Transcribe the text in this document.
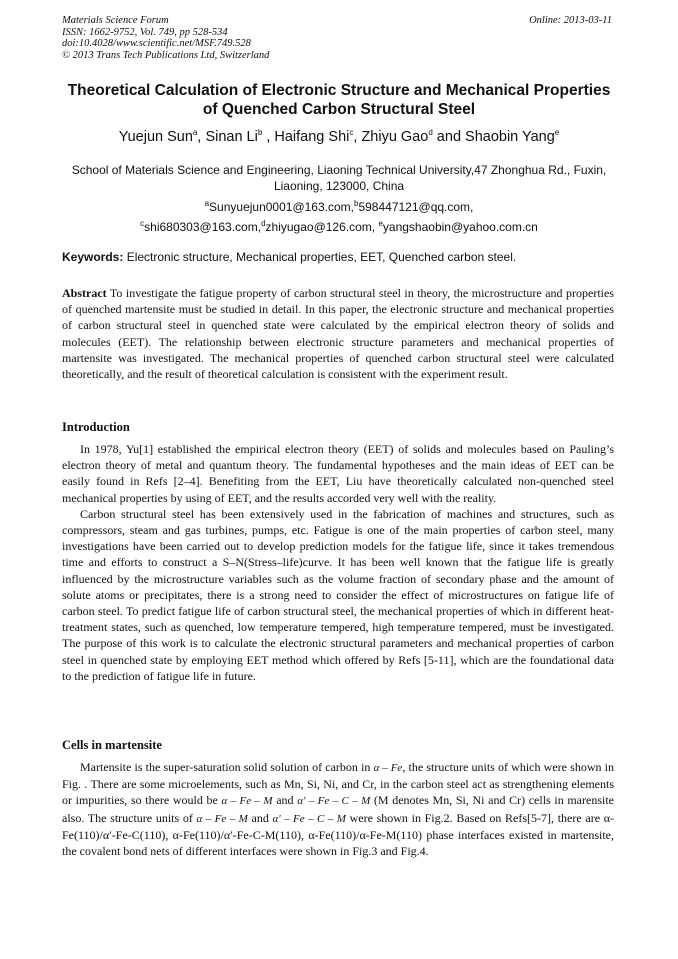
Materials Science Forum
ISSN: 1662-9752, Vol. 749, pp 528-534
doi:10.4028/www.scientific.net/MSF.749.528
© 2013 Trans Tech Publications Ltd, Switzerland
Online: 2013-03-11
Theoretical Calculation of Electronic Structure and Mechanical Properties of Quenched Carbon Structural Steel
Yuejun Sun$^a$, Sinan Li$^b$ , Haifang Shi$^c$, Zhiyu Gao$^d$ and Shaobin Yang$^e$
School of Materials Science and Engineering, Liaoning Technical University,47 Zhonghua Rd., Fuxin, Liaoning, 123000, China
$^a$Sunyuejun0001@163.com,$^b$598447121@qq.com,
$^c$shi680303@163.com,$^d$zhiyugao@126.com, $^e$yangshaobin@yahoo.com.cn
Keywords: Electronic structure, Mechanical properties, EET, Quenched carbon steel.
Abstract To investigate the fatigue property of carbon structural steel in theory, the microstructure and properties of quenched martensite must be studied in detail. In this paper, the electronic structure and mechanical properties of carbon structural steel in quenched state were calculated by the empirical electron theory of solids and molecules (EET). The relationship between electronic structure parameters and mechanical properties of martensite was investigated. The mechanical properties of quenched carbon structural steel were calculated theoretically, and the result of theoretical calculation is consistent with the experiment result.
Introduction

In 1978, Yu[1] established the empirical electron theory (EET) of solids and molecules based on Pauling’s electron theory of metal and quantum theory. The fundamental hypotheses and the main ideas of EET can be easily found in Refs [2–4]. Benefiting from the EET, Liu have theoretically calculated non-quenched steel mechanical properties by using of EET, and the results accorded very well with the reality.

Carbon structural steel has been extensively used in the fabrication of machines and structures, such as compressors, steam and gas turbines, pumps, etc. Fatigue is one of the main properties of carbon steel, many investigations have been carried out to develop prediction models for the fatigue life, since it takes tremendous time and efforts to construct a S–N(Stress–life)curve. It has been well known that the fatigue life is greatly influenced by the microstructure variables such as the volume fraction of secondary phase and the amount of solute atoms or precipitates, there is a strong need to consider the effect of microstructures on fatigue life of carbon steel. To predict fatigue life of carbon structural steel, the mechanical properties of which in different heat-treatment states, such as quenched, low temperature tempered, high temperature tempered, must be investigated. The purpose of this work is to calculate the electronic structural parameters and mechanical properties of carbon steel in quenched state by employing EET method which offered by Refs [5-11], which are the foundational data to the prediction of fatigue life in future.

Cells in martensite

Martensite is the super-saturation solid solution of carbon in α – Fe, the structure units of which were shown in Fig. . There are some microelements, such as Mn, Si, Ni, and Cr, in the carbon steel act as strengthening elements or impurities, so there would be α – Fe – M and α' – Fe – C – M (M denotes Mn, Si, Ni and Cr) cells in marensite also. The structure units of α – Fe – M and α' – Fe – C – M were shown in Fig.2. Based on Refs[5-7], there are α-Fe(110)/α′-Fe-C(110), α-Fe(110)/α′-Fe-C-M(110), α-Fe(110)/α-Fe-M(110) phase interfaces existed in martensite, the covalent bond nets of different interfaces were shown in Fig.3 and Fig.4.
